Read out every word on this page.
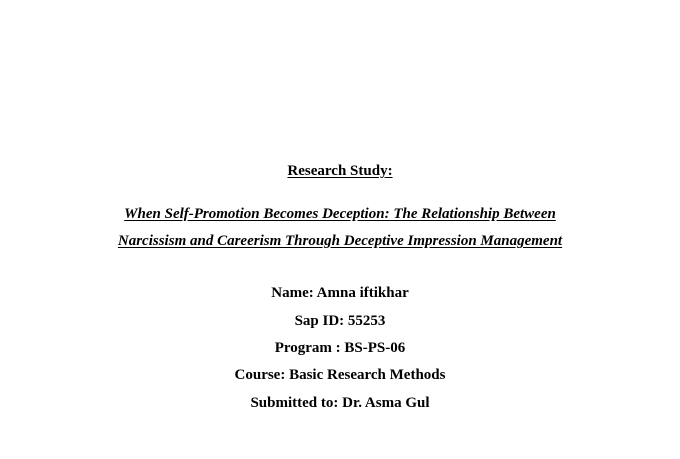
Research Study:
When Self-Promotion Becomes Deception: The Relationship Between
Narcissism and Careerism Through Deceptive Impression Management
Name: Amna iftikhar
Sap ID: 55253
Program : BS-PS-06
Course: Basic Research Methods
Submitted to: Dr. Asma Gul
